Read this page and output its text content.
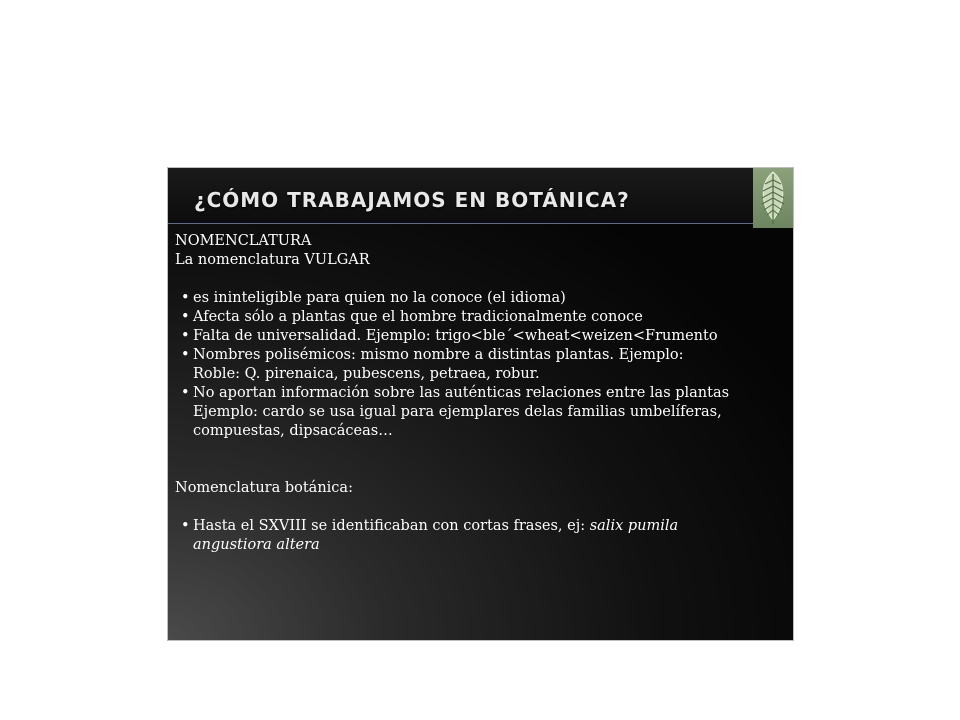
¿CÓMO TRABAJAMOS EN BOTÁNICA?
NOMENCLATURA
La nomenclatura VULGAR
• es ininteligible para quien no la conoce (el idioma)
• Afecta sólo a plantas que el hombre tradicionalmente conoce
• Falta de universalidad. Ejemplo: trigo<ble´<wheat<weizen<Frumento
• Nombres polisémicos: mismo nombre a distintas plantas. Ejemplo:
Roble: Q. pirenaica, pubescens, petraea, robur.
• No aportan información sobre las auténticas relaciones entre las plantas
Ejemplo: cardo se usa igual para ejemplares delas familias umbelíferas,
compuestas, dipsacáceas…
Nomenclatura botánica:
• Hasta el SXVIII se identificaban con cortas frases, ej: salix pumila
angustiora altera
